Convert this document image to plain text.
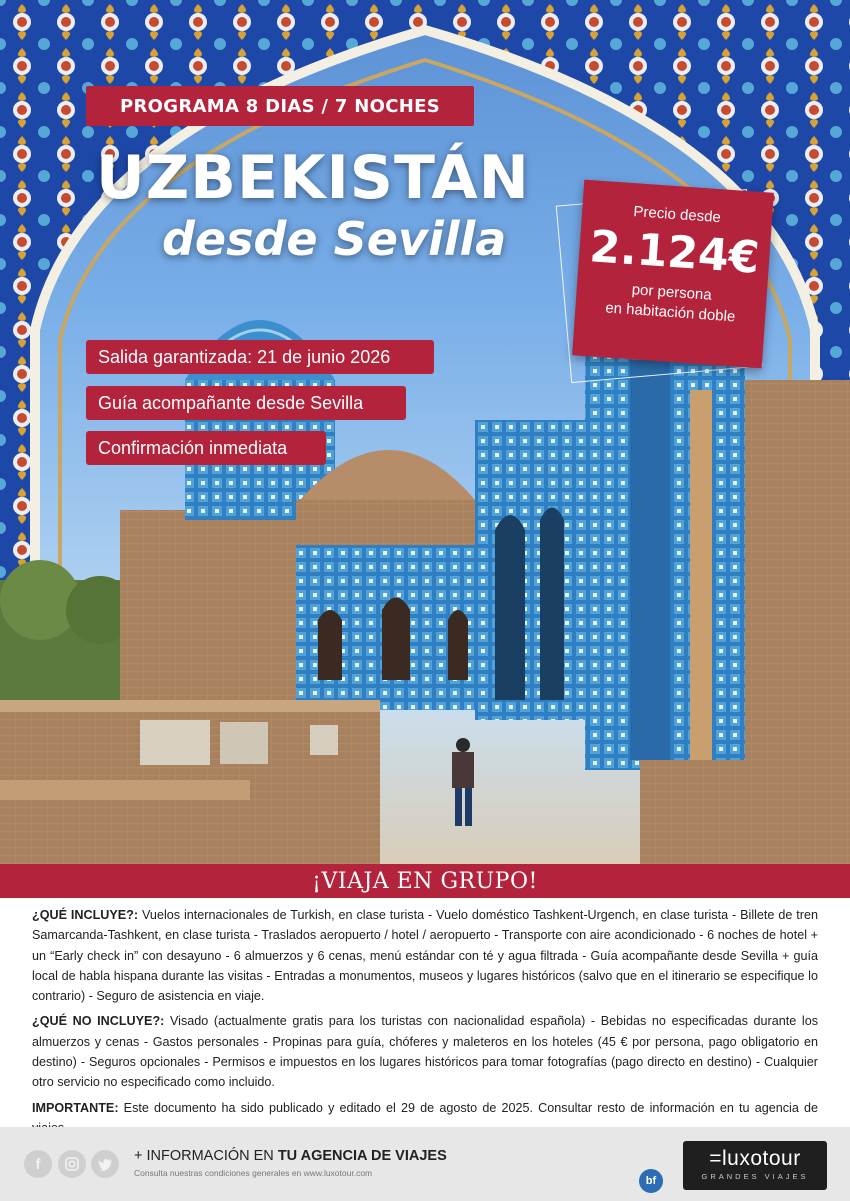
PROGRAMA 8 DIAS / 7 NOCHES
UZBEKISTÁN
desde Sevilla
Salida garantizada: 21 de junio 2026
Guía acompañante desde Sevilla
Confirmación inmediata
Precio desde
2.124€
por persona
en habitación doble
¡VIAJA EN GRUPO!

¿QUÉ INCLUYE?: Vuelos internacionales de Turkish, en clase turista - Vuelo doméstico Tashkent-Urgench, en clase turista - Billete de tren Samarcanda-Tashkent, en clase turista - Traslados aeropuerto / hotel / aeropuerto - Transporte con aire acondicionado - 6 noches de hotel + un “Early check in” con desayuno - 6 almuerzos y 6 cenas, menú estándar con té y agua filtrada - Guía acompañante desde Sevilla + guía local de habla hispana durante las visitas - Entradas a monumentos, museos y lugares históricos (salvo que en el itinerario se especifique lo contrario) - Seguro de asistencia en viaje.

¿QUÉ NO INCLUYE?: Visado (actualmente gratis para los turistas con nacionalidad española) - Bebidas no especificadas durante los almuerzos y cenas - Gastos personales - Propinas para guía, chóferes y maleteros en los hoteles (45 € por persona, pago obligatorio en destino) - Seguros opcionales - Permisos e impuestos en los lugares históricos para tomar fotografías (pago directo en destino) - Cualquier otro servicio no especificado como incluido.

IMPORTANTE: Este documento ha sido publicado y editado el 29 de agosto de 2025. Consultar resto de información en tu agencia de

f	+ INFORMACIÓN EN TU AGENCIA DE VIAJES
Consulta nuestras condiciones generales en www.luxotour.com
bf
=luxotour
GRANDES VIAJES
